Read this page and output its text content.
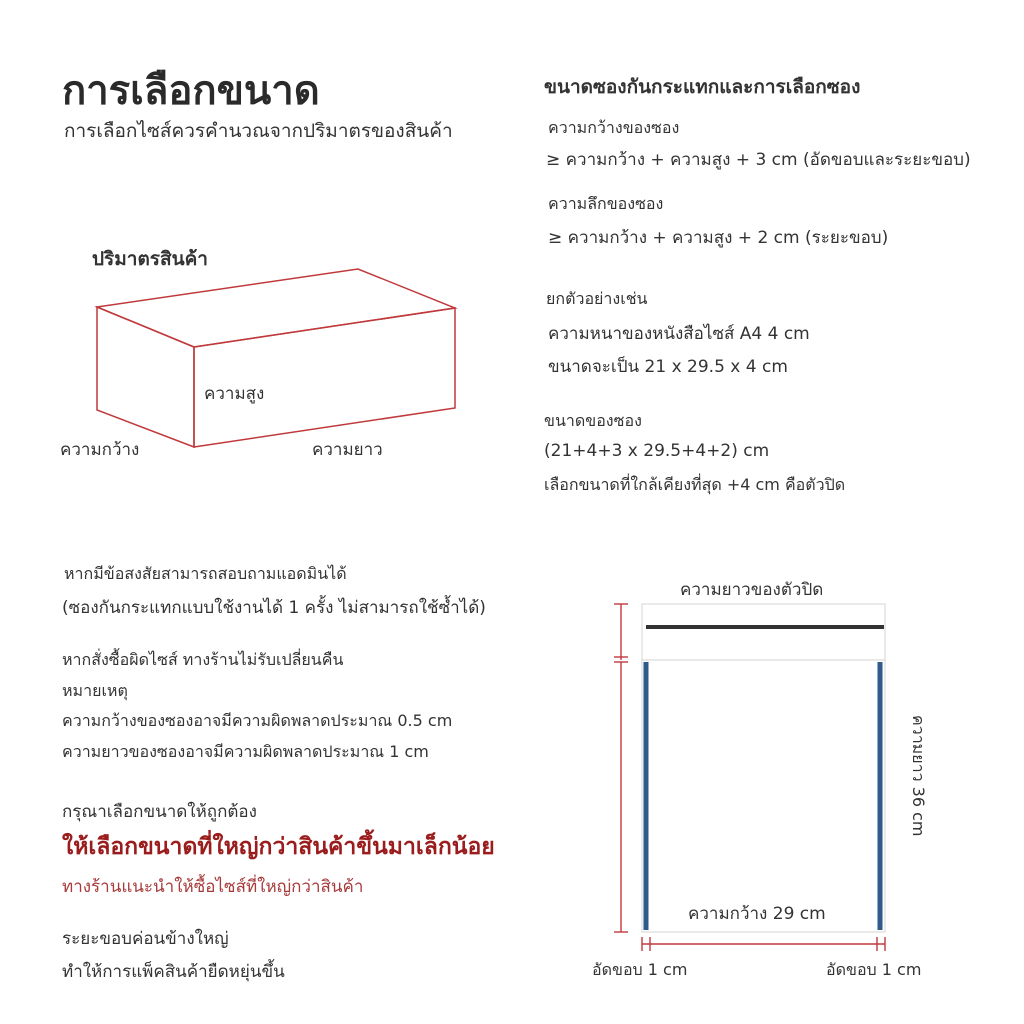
การเลือกขนาด
การเลือกไซส์ควรคำนวณจากปริมาตรของสินค้า
ปริมาตรสินค้า
ความสูง
ความกว้าง	ความยาว
ขนาดซองกันกระแทกและการเลือกซอง
ความกว้างของซอง
≥ ความกว้าง + ความสูง + 3 cm (อัดขอบและระยะขอบ)
ความลึกของซอง
≥ ความกว้าง + ความสูง + 2 cm (ระยะขอบ)
ยกตัวอย่างเช่น
ความหนาของหนังสือไซส์ A4 4 cm
ขนาดจะเป็น 21 x 29.5 x 4 cm
ขนาดของซอง
(21+4+3 x 29.5+4+2) cm
เลือกขนาดที่ใกล้เคียงที่สุด +4 cm คือตัวปิด
หากมีข้อสงสัยสามารถสอบถามแอดมินได้
(ซองกันกระแทกแบบใช้งานได้ 1 ครั้ง ไม่สามารถใช้ซ้ำได้)
หากสั่งซื้อผิดไซส์ ทางร้านไม่รับเปลี่ยนคืน
หมายเหตุ
ความกว้างของซองอาจมีความผิดพลาดประมาณ 0.5 cm
ความยาวของซองอาจมีความผิดพลาดประมาณ 1 cm
กรุณาเลือกขนาดให้ถูกต้อง
ให้เลือกขนาดที่ใหญ่กว่าสินค้าขึ้นมาเล็กน้อย
ทางร้านแนะนำให้ซื้อไซส์ที่ใหญ่กว่าสินค้า
ระยะขอบค่อนข้างใหญ่
ทำให้การแพ็คสินค้ายืดหยุ่นขึ้น
ความยาวของตัวปิด
ความยาว 36 cm
ความกว้าง 29 cm
อัดขอบ 1 cm	อัดขอบ 1 cm
